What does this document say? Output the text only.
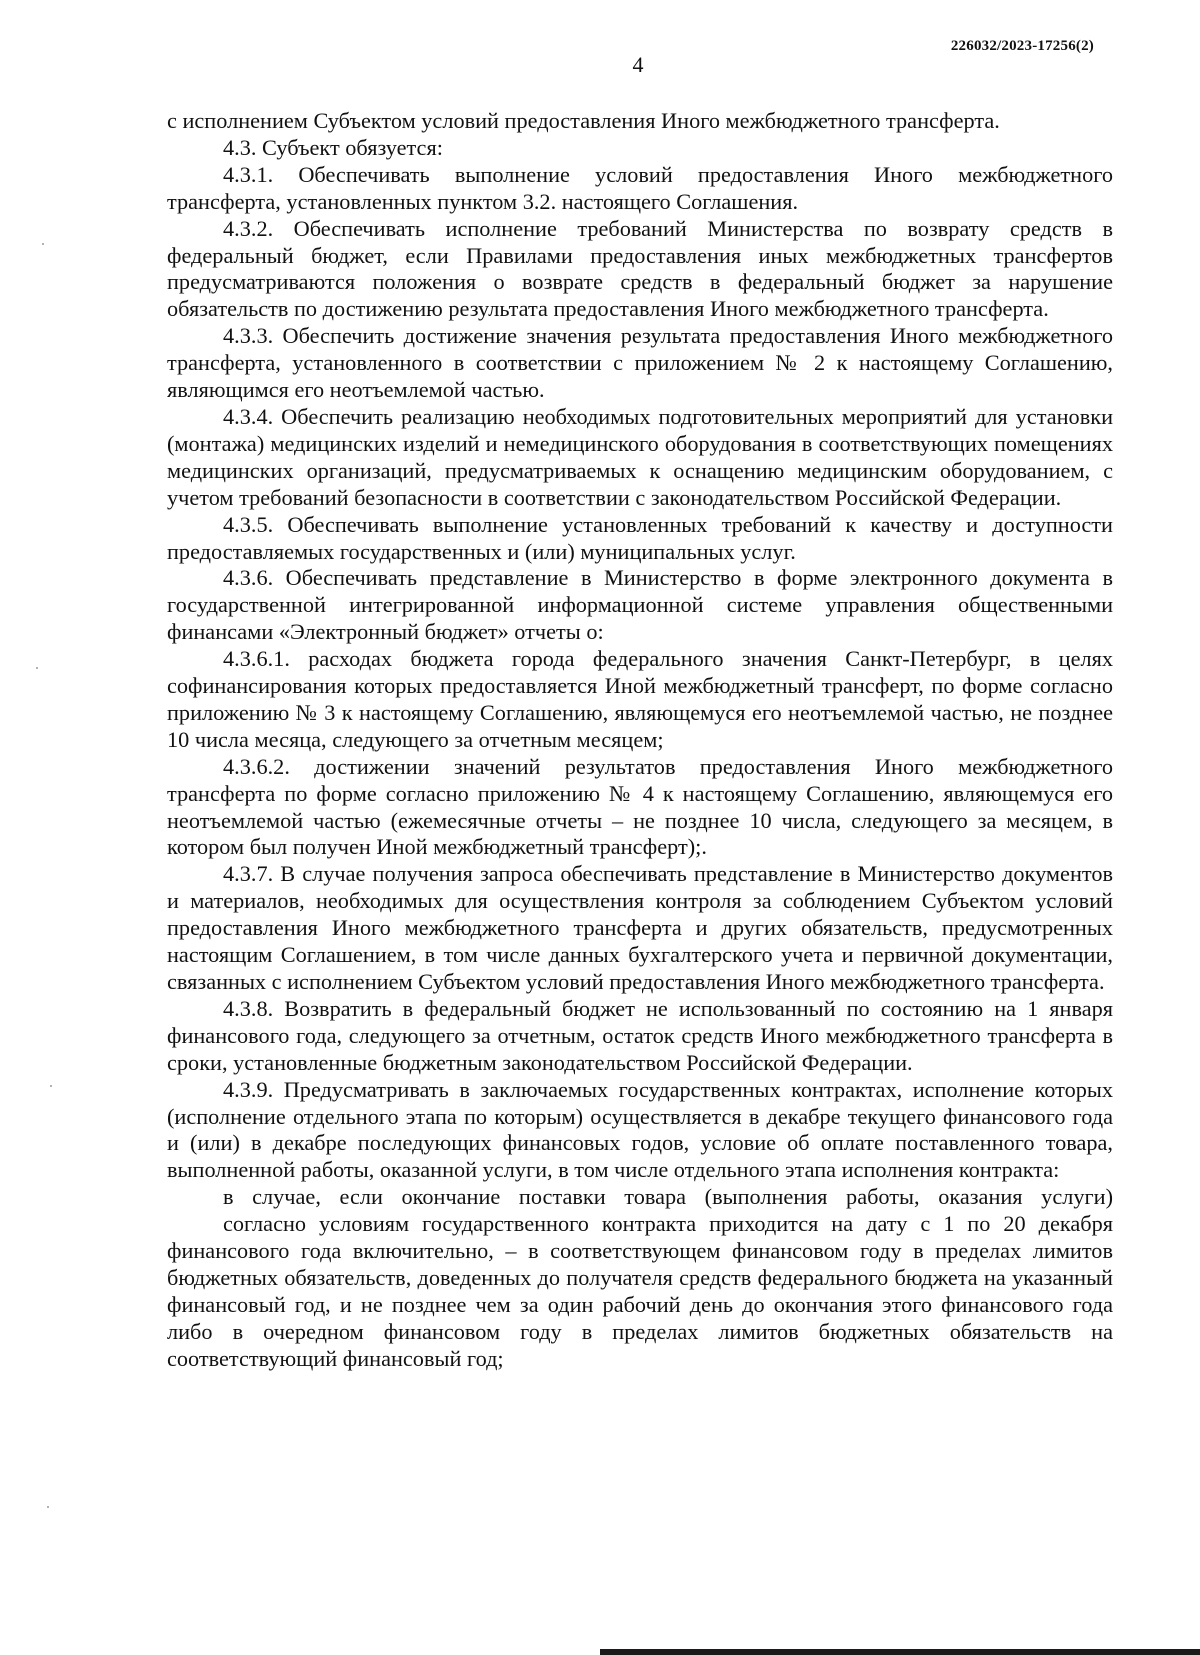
226032/2023-17256(2)
4

с исполнением Субъектом условий предоставления Иного межбюджетного трансферта.

4.3. Субъект обязуется:

4.3.1. Обеспечивать выполнение условий предоставления Иного межбюджетного трансферта, установленных пунктом 3.2. настоящего Соглашения.

4.3.2. Обеспечивать исполнение требований Министерства по возврату средств в федеральный бюджет, если Правилами предоставления иных межбюджетных трансфертов предусматриваются положения о возврате средств в федеральный бюджет за нарушение обязательств по достижению результата предоставления Иного межбюджетного трансферта.

4.3.3. Обеспечить достижение значения результата предоставления Иного межбюджетного трансферта, установленного в соответствии с приложением № 2 к настоящему Соглашению, являющимся его неотъемлемой частью.

4.3.4. Обеспечить реализацию необходимых подготовительных мероприятий для установки (монтажа) медицинских изделий и немедицинского оборудования в соответствующих помещениях медицинских организаций, предусматриваемых к оснащению медицинским оборудованием, с учетом требований безопасности в соответствии с законодательством Российской Федерации.

4.3.5. Обеспечивать выполнение установленных требований к качеству и доступности предоставляемых государственных и (или) муниципальных услуг.

4.3.6. Обеспечивать представление в Министерство в форме электронного документа в государственной интегрированной информационной системе управления общественными финансами «Электронный бюджет» отчеты о:

4.3.6.1. расходах бюджета города федерального значения Санкт-Петербург, в целях софинансирования которых предоставляется Иной межбюджетный трансферт, по форме согласно приложению № 3 к настоящему Соглашению, являющемуся его неотъемлемой частью, не позднее 10 числа месяца, следующего за отчетным месяцем;

4.3.6.2. достижении значений результатов предоставления Иного межбюджетного трансферта по форме согласно приложению № 4 к настоящему Соглашению, являющемуся его неотъемлемой частью (ежемесячные отчеты – не позднее 10 числа, следующего за месяцем, в котором был получен Иной межбюджетный трансферт);.

4.3.7. В случае получения запроса обеспечивать представление в Министерство документов и материалов, необходимых для осуществления контроля за соблюдением Субъектом условий предоставления Иного межбюджетного трансферта и других обязательств, предусмотренных настоящим Соглашением, в том числе данных бухгалтерского учета и первичной документации, связанных с исполнением Субъектом условий предоставления Иного межбюджетного трансферта.

4.3.8. Возвратить в федеральный бюджет не использованный по состоянию на 1 января финансового года, следующего за отчетным, остаток средств Иного межбюджетного трансферта в сроки, установленные бюджетным законодательством Российской Федерации.

4.3.9. Предусматривать в заключаемых государственных контрактах, исполнение которых (исполнение отдельного этапа по которым) осуществляется в декабре текущего финансового года и (или) в декабре последующих финансовых годов, условие об оплате поставленного товара, выполненной работы, оказанной услуги, в том числе отдельного этапа исполнения контракта:

в случае, если окончание поставки товара (выполнения работы, оказания услуги)

согласно условиям государственного контракта приходится на дату с 1 по 20 декабря финансового года включительно, – в соответствующем финансовом году в пределах лимитов бюджетных обязательств, доведенных до получателя средств федерального бюджета на указанный финансовый год, и не позднее чем за один рабочий день до окончания этого финансового года либо в очередном финансовом году в пределах лимитов бюджетных обязательств на соответствующий финансовый год;
